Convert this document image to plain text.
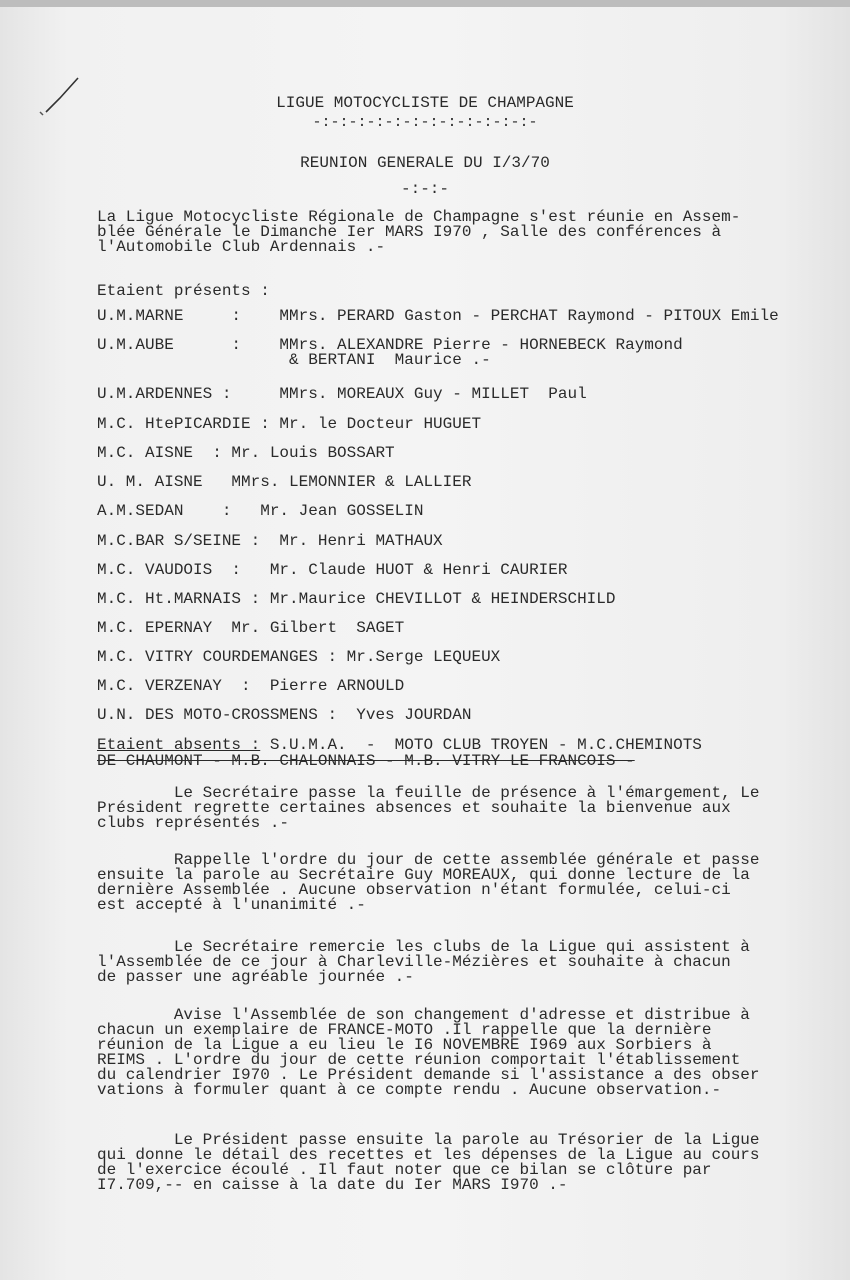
LIGUE MOTOCYCLISTE DE CHAMPAGNE
-:-:-:-:-:-:-:-:-:-:-:-:-
REUNION GENERALE DU I/3/70
-:-:-
La Ligue Motocycliste Régionale de Champagne s'est réunie en Assem-
blée Générale le Dimanche Ier MARS I970 , Salle des conférences à
l'Automobile Club Ardennais .-
Etaient présents :
U.M.MARNE     :    MMrs. PERARD Gaston - PERCHAT Raymond - PITOUX Emile
U.M.AUBE      :    MMrs. ALEXANDRE Pierre - HORNEBECK Raymond
& BERTANI  Maurice .-
U.M.ARDENNES :     MMrs. MOREAUX Guy - MILLET  Paul
M.C. HtePICARDIE : Mr. le Docteur HUGUET
M.C. AISNE  : Mr. Louis BOSSART
U. M. AISNE   MMrs. LEMONNIER & LALLIER
A.M.SEDAN    :   Mr. Jean GOSSELIN
M.C.BAR S/SEINE :  Mr. Henri MATHAUX
M.C. VAUDOIS  :   Mr. Claude HUOT & Henri CAURIER
M.C. Ht.MARNAIS : Mr.Maurice CHEVILLOT & HEINDERSCHILD
M.C. EPERNAY  Mr. Gilbert  SAGET
M.C. VITRY COURDEMANGES : Mr.Serge LEQUEUX
M.C. VERZENAY  :  Pierre ARNOULD
U.N. DES MOTO-CROSSMENS :  Yves JOURDAN
Etaient absents : S.U.M.A.  -  MOTO CLUB TROYEN - M.C.CHEMINOTS
DE CHAUMONT - M.B. CHALONNAIS - M.B. VITRY LE FRANCOIS -
Le Secrétaire passe la feuille de présence à l'émargement, Le
Président regrette certaines absences et souhaite la bienvenue aux
clubs représentés .-
Rappelle l'ordre du jour de cette assemblée générale et passe
ensuite la parole au Secrétaire Guy MOREAUX, qui donne lecture de la
dernière Assemblée . Aucune observation n'étant formulée, celui-ci
est accepté à l'unanimité .-
Le Secrétaire remercie les clubs de la Ligue qui assistent à
l'Assemblée de ce jour à Charleville-Mézières et souhaite à chacun
de passer une agréable journée .-
Avise l'Assemblée de son changement d'adresse et distribue à
chacun un exemplaire de FRANCE-MOTO .Il rappelle que la dernière
réunion de la Ligue a eu lieu le I6 NOVEMBRE I969 aux Sorbiers à
REIMS . L'ordre du jour de cette réunion comportait l'établissement
du calendrier I970 . Le Président demande si l'assistance a des obser
vations à formuler quant à ce compte rendu . Aucune observation.-
Le Président passe ensuite la parole au Trésorier de la Ligue
qui donne le détail des recettes et les dépenses de la Ligue au cours
de l'exercice écoulé . Il faut noter que ce bilan se clôture par
I7.709,-- en caisse à la date du Ier MARS I970 .-
